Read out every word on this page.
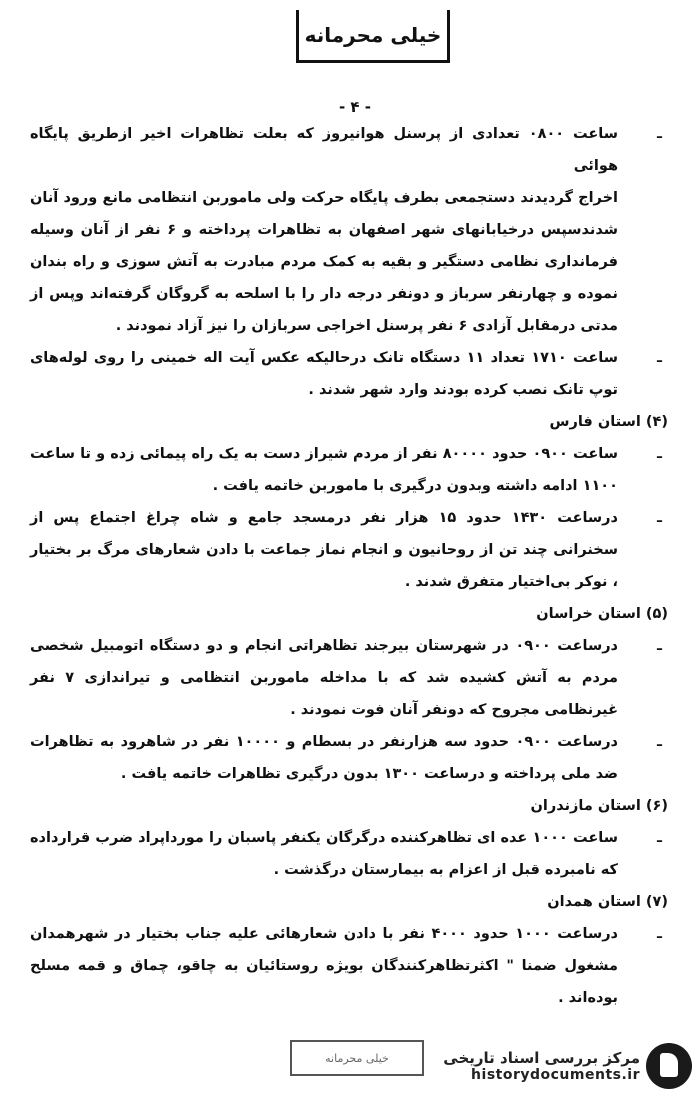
خیلی محرمانه
- ۴ -

ـ
ساعت ۰۸۰۰ تعدادی از پرسنل هوانیروز که بعلت تظاهرات اخیر ازطریق پایگاه هوائی
اخراج گردیدند دستجمعی بطرف پایگاه حرکت ولی ماموربن انتظامی مانع ورود آنان شدندسپس درخیابانهای شهر اصفهان به تظاهرات پرداخته و ۶ نفر از آنان وسیله فرمانداری نظامی دستگیر و بقیه به کمک مردم مبادرت به آتش سوزی و راه بندان نموده و چهارنفر سرباز و دونفر درجه دار را با اسلحه به گروگان گرفته‌اند وپس از مدتی درمقابل آزادی ۶ نفر پرسنل اخراجی سربازان را نیز آزاد نمودند .

ـ
ساعت ۱۷۱۰ تعداد ۱۱ دستگاه تانک درحالیکه عکس آیت اله خمینی را روی لوله‌های توپ تانک نصب کرده بودند وارد شهر شدند .

(۴) استان فارس

ـ
ساعت ۰۹۰۰ حدود ۸۰۰۰۰ نفر از مردم شیراز دست به یک راه پیمائی زده و تا ساعت ۱۱۰۰ ادامه داشته وبدون درگیری با ماموربن خاتمه یافت .

ـ
درساعت ۱۴۳۰ حدود ۱۵ هزار نفر درمسجد جامع و شاه چراغ اجتماع پس از سخنرانی چند تن از روحانیون و انجام نماز جماعت با دادن شعارهای مرگ بر بختیار ، نوکر بی‌اختیار متفرق شدند .

(۵) استان خراسان

ـ
درساعت ۰۹۰۰ در شهرستان بیرجند تظاهراتی انجام و دو دستگاه اتومبیل شخصی مردم به آتش کشیده شد که با مداخله ماموربن انتظامی و تیراندازی ۷ نفر غیرنظامی مجروح که دونفر آنان فوت نمودند .

ـ
درساعت ۰۹۰۰ حدود سه هزارنفر در بسطام و ۱۰۰۰۰ نفر در شاهرود به تظاهرات ضد ملی پرداخته و درساعت ۱۳۰۰ بدون درگیری تظاهرات خاتمه یافت .

(۶) استان مازندران

ـ
ساعت ۱۰۰۰ عده ای تظاهرکننده درگرگان یکنفر پاسبان را مورداپراد ضرب قرارداده که نامبرده قبل از اعزام به بیمارستان درگذشت .

(۷) استان همدان

ـ
درساعت ۱۰۰۰ حدود ۴۰۰۰ نفر با دادن شعارهائی علیه جناب بختیار در شهرهمدان مشغول ضمنا " اکثرتظاهرکنندگان بویژه روستائیان به چاقو، چماق و قمه مسلح بوده‌اند .

خیلی محرمانه	مرکز بررسی اسناد تاریخی
historydocuments.ir
